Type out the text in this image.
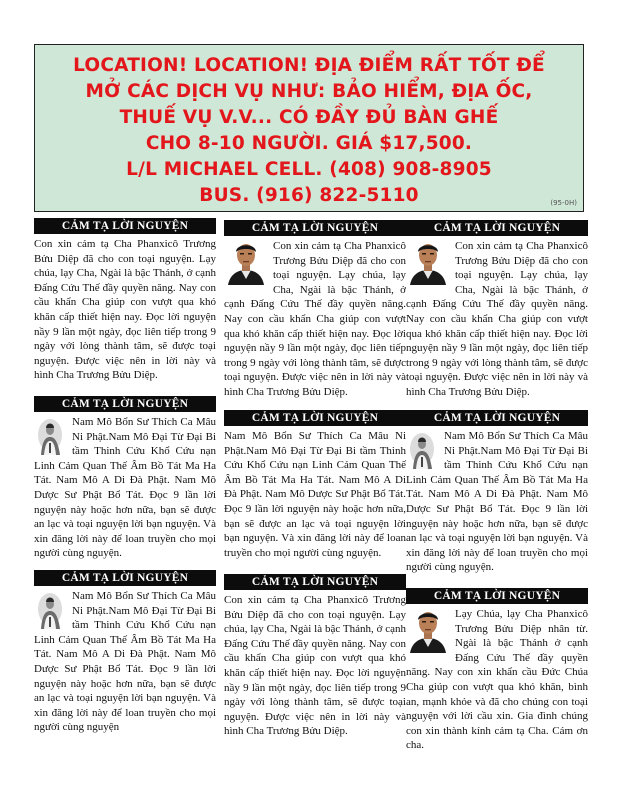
LOCATION! LOCATION! ĐỊA ĐIỂM RẤT TỐT ĐỂ
MỞ CÁC DỊCH VỤ NHƯ: BẢO HIỂM, ĐỊA ỐC,
THUẾ VỤ V.V... CÓ ĐẦY ĐỦ BÀN GHẾ
CHO 8-10 NGƯỜI. GIÁ $17,500.
L/L MICHAEL CELL. (408) 908-8905
BUS. (916) 822-5110	(95-0H)
CẢM TẠ LỜI NGUYỆN
Con xin cảm tạ Cha Phanxicô Trương Bửu Diệp đã cho con toại nguyện. Lạy chúa, lạy Cha, Ngài là bậc Thánh, ở cạnh Đấng Cứu Thế đầy quyền năng. Nay con cầu khẩn Cha giúp con vượt qua khó khăn cấp thiết hiện nay. Đọc lời nguyện nầy 9 lần một ngày, đọc liên tiếp trong 9 ngày với lòng thành tâm, sẽ được toại nguyện. Được việc nên in lời này và hình Cha Trương Bửu Diệp.
CẢM TẠ LỜI NGUYỆN
Nam Mô Bổn Sư Thích Ca Mâu Ni Phật.Nam Mô Đại Từ Đại Bi tầm Thinh Cứu Khổ Cứu nạn Linh Cảm Quan Thế Âm Bồ Tát Ma Ha Tát. Nam Mô A Di Đà Phật. Nam Mô Dược Sư Phật Bổ Tát. Đọc 9 lần lời nguyện này hoặc hơn nữa, bạn sẽ được an lạc và toại nguyện lời bạn nguyện. Và xin đăng lời này để loan truyền cho mọi người cùng nguyện.
CẢM TẠ LỜI NGUYỆN
Nam Mô Bổn Sư Thích Ca Mâu Ni Phật.Nam Mô Đại Từ Đại Bi tầm Thinh Cứu Khổ Cứu nạn Linh Cảm Quan Thế Âm Bồ Tát Ma Ha Tát. Nam Mô A Di Đà Phật. Nam Mô Dược Sư Phật Bổ Tát. Đọc 9 lần lời nguyện này hoặc hơn nữa, bạn sẽ được an lạc và toại nguyện lời bạn nguyện. Và xin đăng lời này để loan truyền cho mọi người cùng nguyện
CẢM TẠ LỜI NGUYỆN
Con xin cảm tạ Cha Phanxicô Trương Bửu Diệp đã cho con toại nguyện. Lạy chúa, lạy Cha, Ngài là bậc Thánh, ở cạnh Đấng Cứu Thế đầy quyền năng. Nay con cầu khẩn Cha giúp con vượt qua khó khăn cấp thiết hiện nay. Đọc lời nguyện nầy 9 lần một ngày, đọc liên tiếp trong 9 ngày với lòng thành tâm, sẽ được toại nguyện. Được việc nên in lời này và hình Cha Trương Bửu Diệp.
CẢM TẠ LỜI NGUYỆN
Nam Mô Bổn Sư Thích Ca Mâu Ni Phật.Nam Mô Đại Từ Đại Bi tầm Thinh Cứu Khổ Cứu nạn Linh Cảm Quan Thế Âm Bồ Tát Ma Ha Tát. Nam Mô A Di Đà Phật. Nam Mô Dược Sư Phật Bổ Tát. Đọc 9 lần lời nguyện này hoặc hơn nữa, bạn sẽ được an lạc và toại nguyện lời bạn nguyện. Và xin đăng lời này để loan truyền cho mọi người cùng nguyện.
CẢM TẠ LỜI NGUYỆN
Con xin cảm tạ Cha Phanxicô Trương Bửu Diệp đã cho con toại nguyện. Lạy chúa, lạy Cha, Ngài là bậc Thánh, ở cạnh Đấng Cứu Thế đầy quyền năng. Nay con cầu khẩn Cha giúp con vượt qua khó khăn cấp thiết hiện nay. Đọc lời nguyện nầy 9 lần một ngày, đọc liên tiếp trong 9 ngày với lòng thành tâm, sẽ được toại nguyện. Được việc nên in lời này và hình Cha Trương Bửu Diệp.
CẢM TẠ LỜI NGUYỆN
Con xin cảm tạ Cha Phanxicô Trương Bửu Diệp đã cho con toại nguyện. Lạy chúa, lạy Cha, Ngài là bậc Thánh, ở cạnh Đấng Cứu Thế đầy quyền năng. Nay con cầu khẩn Cha giúp con vượt qua khó khăn cấp thiết hiện nay. Đọc lời nguyện nầy 9 lần một ngày, đọc liên tiếp trong 9 ngày với lòng thành tâm, sẽ được toại nguyện. Được việc nên in lời này và hình Cha Trương Bửu Diệp.
CẢM TẠ LỜI NGUYỆN
Nam Mô Bổn Sư Thích Ca Mâu Ni Phật.Nam Mô Đại Từ Đại Bi tầm Thinh Cứu Khổ Cứu nạn Linh Cảm Quan Thế Âm Bồ Tát Ma Ha Tát. Nam Mô A Di Đà Phật. Nam Mô Dược Sư Phật Bổ Tát. Đọc 9 lần lời nguyện này hoặc hơn nữa, bạn sẽ được an lạc và toại nguyện lời bạn nguyện. Và xin đăng lời này để loan truyền cho mọi người cùng nguyện.
CẢM TẠ LỜI NGUYỆN
Lạy Chúa, lạy Cha Phanxicô Trương Bửu Diệp nhân từ. Ngài là bậc Thánh ở cạnh Đấng Cứu Thế đầy quyền năng. Nay con xin khẩn cầu Đức Chúa Cha giúp con vượt qua khó khăn, bình an, mạnh khỏe và đã cho chúng con toại nguyện với lời cầu xin. Gia đình chúng con xin thành kính cảm tạ Cha. Cám ơn cha.
